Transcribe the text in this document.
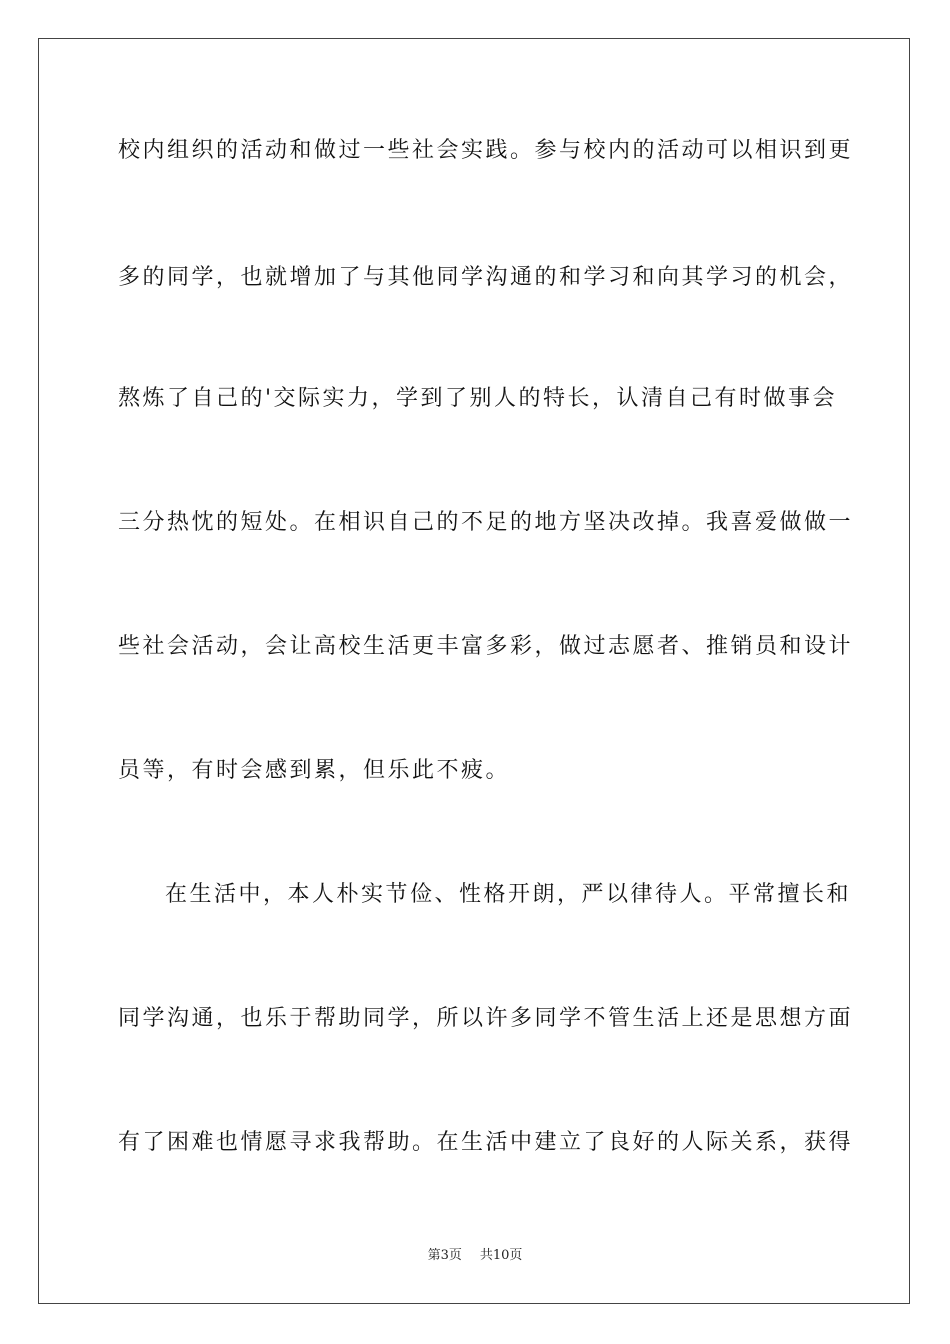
校内组织的活动和做过一些社会实践。参与校内的活动可以相识到更
多的同学，也就增加了与其他同学沟通的和学习和向其学习的机会，
熬炼了自己的'交际实力，学到了别人的特长，认清自己有时做事会
三分热忱的短处。在相识自己的不足的地方坚决改掉。我喜爱做做一
些社会活动，会让高校生活更丰富多彩，做过志愿者、推销员和设计
员等，有时会感到累，但乐此不疲。
在生活中，本人朴实节俭、性格开朗，严以律待人。平常擅长和
同学沟通，也乐于帮助同学，所以许多同学不管生活上还是思想方面
有了困难也情愿寻求我帮助。在生活中建立了良好的人际关系，获得
第3页 共10页
